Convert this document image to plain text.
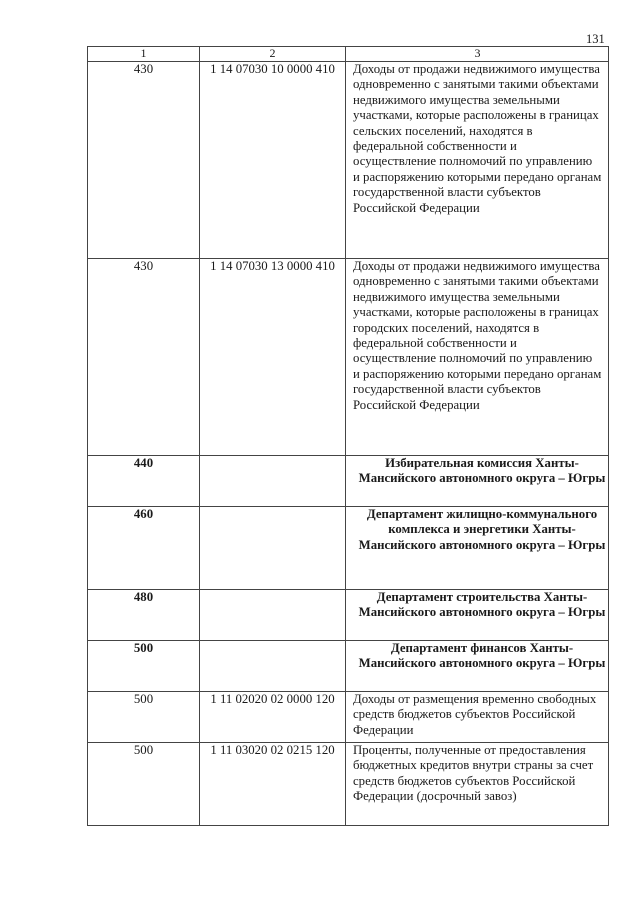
131
1	2	3
430	1 14 07030 10 0000 410	Доходы от продажи недвижимого имущества одновременно с занятыми такими объектами недвижимого имущества земельными участками, которые расположены в границах сельских поселений, находятся в федеральной собственности и осуществление полномочий по управлению и распоряжению которыми передано органам государственной власти субъектов Российской Федерации
430	1 14 07030 13 0000 410	Доходы от продажи недвижимого имущества одновременно с занятыми такими объектами недвижимого имущества земельными участками, которые расположены в границах городских поселений, находятся в федеральной собственности и осуществление полномочий по управлению и распоряжению которыми передано органам государственной власти субъектов Российской Федерации
440		Избирательная комиссия Ханты-Мансийского автономного округа – Югры
460		Департамент жилищно-коммунального комплекса и энергетики Ханты-Мансийского автономного округа – Югры
480		Департамент строительства Ханты-Мансийского автономного округа – Югры
500		Департамент финансов Ханты-Мансийского автономного округа – Югры
500	1 11 02020 02 0000 120	Доходы от размещения временно свободных средств бюджетов субъектов Российской Федерации
500	1 11 03020 02 0215 120	Проценты, полученные от предоставления бюджетных кредитов внутри страны за счет средств бюджетов субъектов Российской Федерации (досрочный завоз)
